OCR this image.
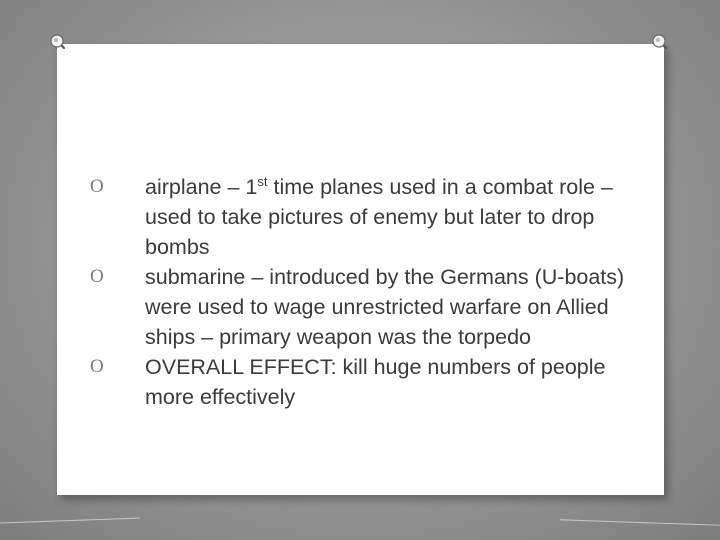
O airplane – 1st time planes used in a combat role – used to take pictures of enemy but later to drop bombs
O submarine – introduced by the Germans (U-boats) were used to wage unrestricted warfare on Allied ships – primary weapon was the torpedo
O OVERALL EFFECT: kill huge numbers of people more effectively
